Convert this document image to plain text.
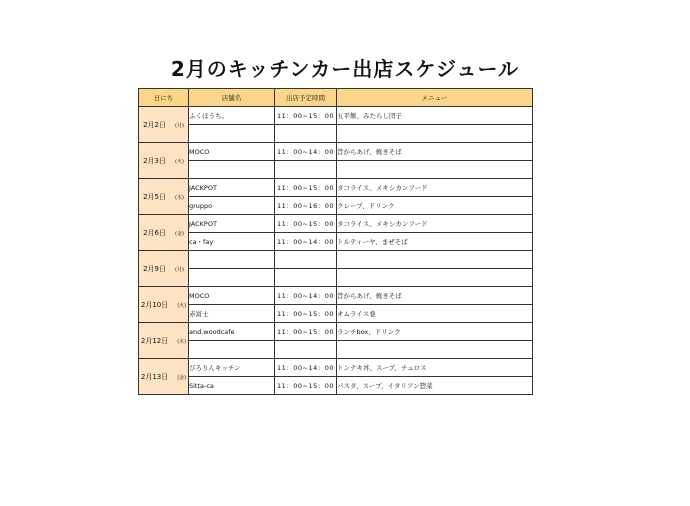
2月のキッチンカー出店スケジュール
日にち	店舗名	出店予定時間	メニュー
2月2日 (月)	ふくほうち。	11：00~15：00	五平餅、みたらし団子

2月3日 (火)	MOCO	11：00~14：00	旨からあげ、焼きそば

2月5日 (木)	JACKPOT	11：00~15：00	タコライス、メキシカンフード
	gruppo	11：00~16：00	クレープ、ドリンク
2月6日 (金)	JACKPOT	11：00~15：00	タコライス、メキシカンフード
	ca・fay	11：00~14：00	トルティーヤ、まぜそば
2月9日 (月)			

2月10日 (火)	MOCO	11：00~14：00	旨からあげ、焼きそば
	赤富士	11：00~15：00	オムライス巻
2月12日 (木)	and.woodcafe	11：00~15：00	ランチbox、ドリンク

2月13日 (金)	ぴろりんキッチン	11：00~14：00	トンテキ丼、スープ、チュロス
	Sitta-ca	11：00~15：00	パスタ、スープ、イタリアン惣菜
